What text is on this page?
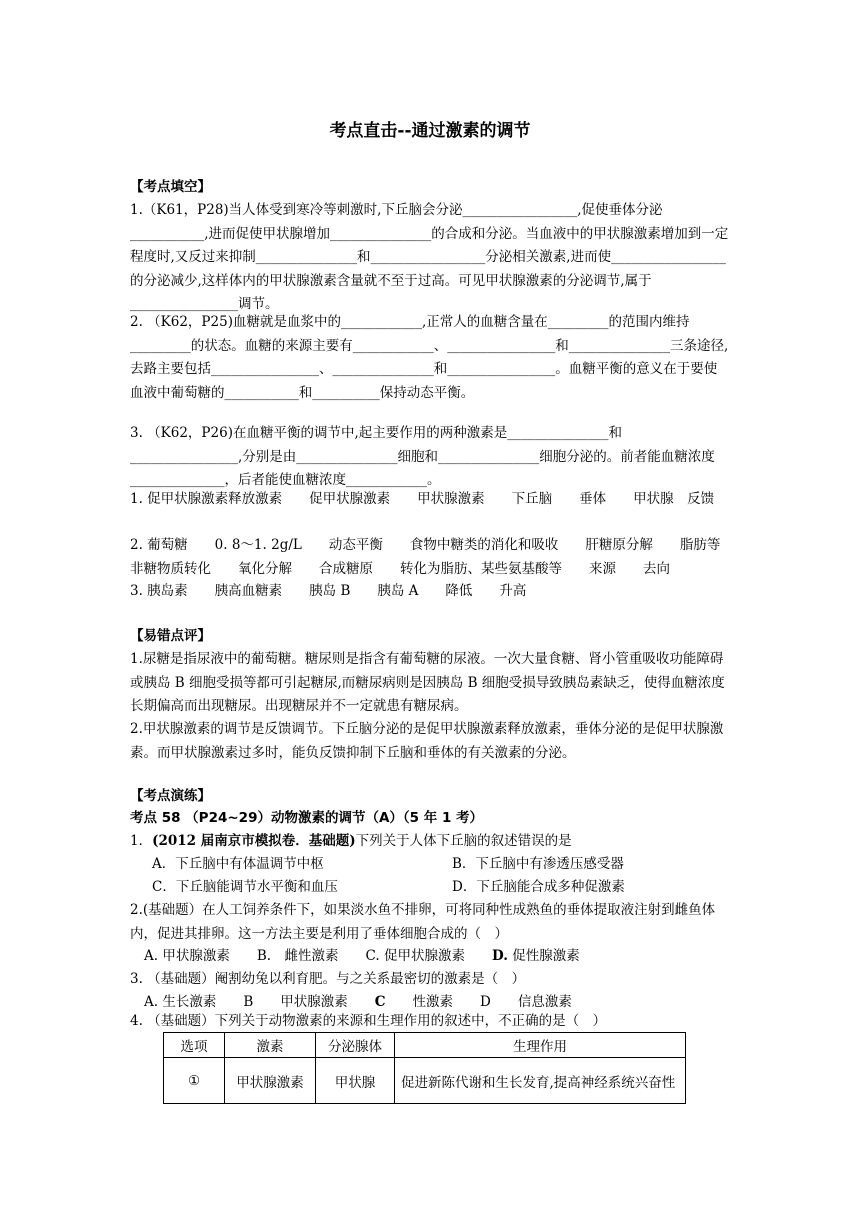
考点直击--通过激素的调节
【考点填空】
1.（K61，P28)当人体受到寒冷等刺激时,下丘脑会分泌_________________,促使垂体分泌___________,进而促使甲状腺增加_______________的合成和分泌。当血液中的甲状腺激素增加到一定程度时,又反过来抑制_______________和_________________分泌相关激素,进而使_________________的分泌减少,这样体内的甲状腺激素含量就不至于过高。可见甲状腺激素的分泌调节,属于________________调节。
2. （K62，P25)血糖就是血浆中的____________,正常人的血糖含量在_________的范围内维持_________的状态。血糖的来源主要有____________、________________和_______________三条途径,去路主要包括________________、_______________和________________。血糖平衡的意义在于要使血液中葡萄糖的___________和__________保持动态平衡。
3. （K62，P26)在血糖平衡的调节中,起主要作用的两种激素是_______________和________________,分别是由_______________细胞和_______________细胞分泌的。前者能血糖浓度______________，后者能使血糖浓度____________。
1. 促甲状腺激素释放激素　　促甲状腺激素　　甲状腺激素　　下丘脑　　垂体　　甲状腺　反馈
2. 葡萄糖　　0. 8～1. 2g/L　　动态平衡　　食物中糖类的消化和吸收　　肝糖原分解　　脂肪等非糖物质转化　　氧化分解　　合成糖原　　转化为脂肪、某些氨基酸等　　来源　　去向
3. 胰岛素　　胰高血糖素　　胰岛 B　　胰岛 A　　降低　　升高
【易错点评】
1.尿糖是指尿液中的葡萄糖。糖尿则是指含有葡萄糖的尿液。一次大量食糖、肾小管重吸收功能障碍或胰岛 B 细胞受损等都可引起糖尿,而糖尿病则是因胰岛 B 细胞受损导致胰岛素缺乏，使得血糖浓度长期偏高而出现糖尿。出现糖尿并不一定就患有糖尿病。
2.甲状腺激素的调节是反馈调节。下丘脑分泌的是促甲状腺激素释放激素，垂体分泌的是促甲状腺激素。而甲状腺激素过多时，能负反馈抑制下丘脑和垂体的有关激素的分泌。
【考点演练】
考点 58 （P24~29）动物激素的调节（A）（5 年 1 考）
1．(2012 届南京市模拟卷．基础题)下列关于人体下丘脑的叙述错误的是
A．下丘脑中有体温调节中枢	B．下丘脑中有渗透压感受器
C．下丘脑能调节水平衡和血压	D．下丘脑能合成多种促激素
2.(基础题）在人工饲养条件下，如果淡水鱼不排卵，可将同种性成熟鱼的垂体提取液注射到雌鱼体内，促进其排卵。这一方法主要是利用了垂体细胞合成的（　）
A. 甲状腺激素　　B.　雌性激素　　C. 促甲状腺激素　　D. 促性腺激素
3. （基础题）阉割幼兔以利育肥。与之关系最密切的激素是（　）
A. 生长激素　　B　　甲状腺激素　　C　　性激素　　D　　信息激素
4. （基础题）下列关于动物激素的来源和生理作用的叙述中，不正确的是（　）
选项	激素	分泌腺体	生理作用
①	甲状腺激素	甲状腺	促进新陈代谢和生长发育,提高神经系统兴奋性
